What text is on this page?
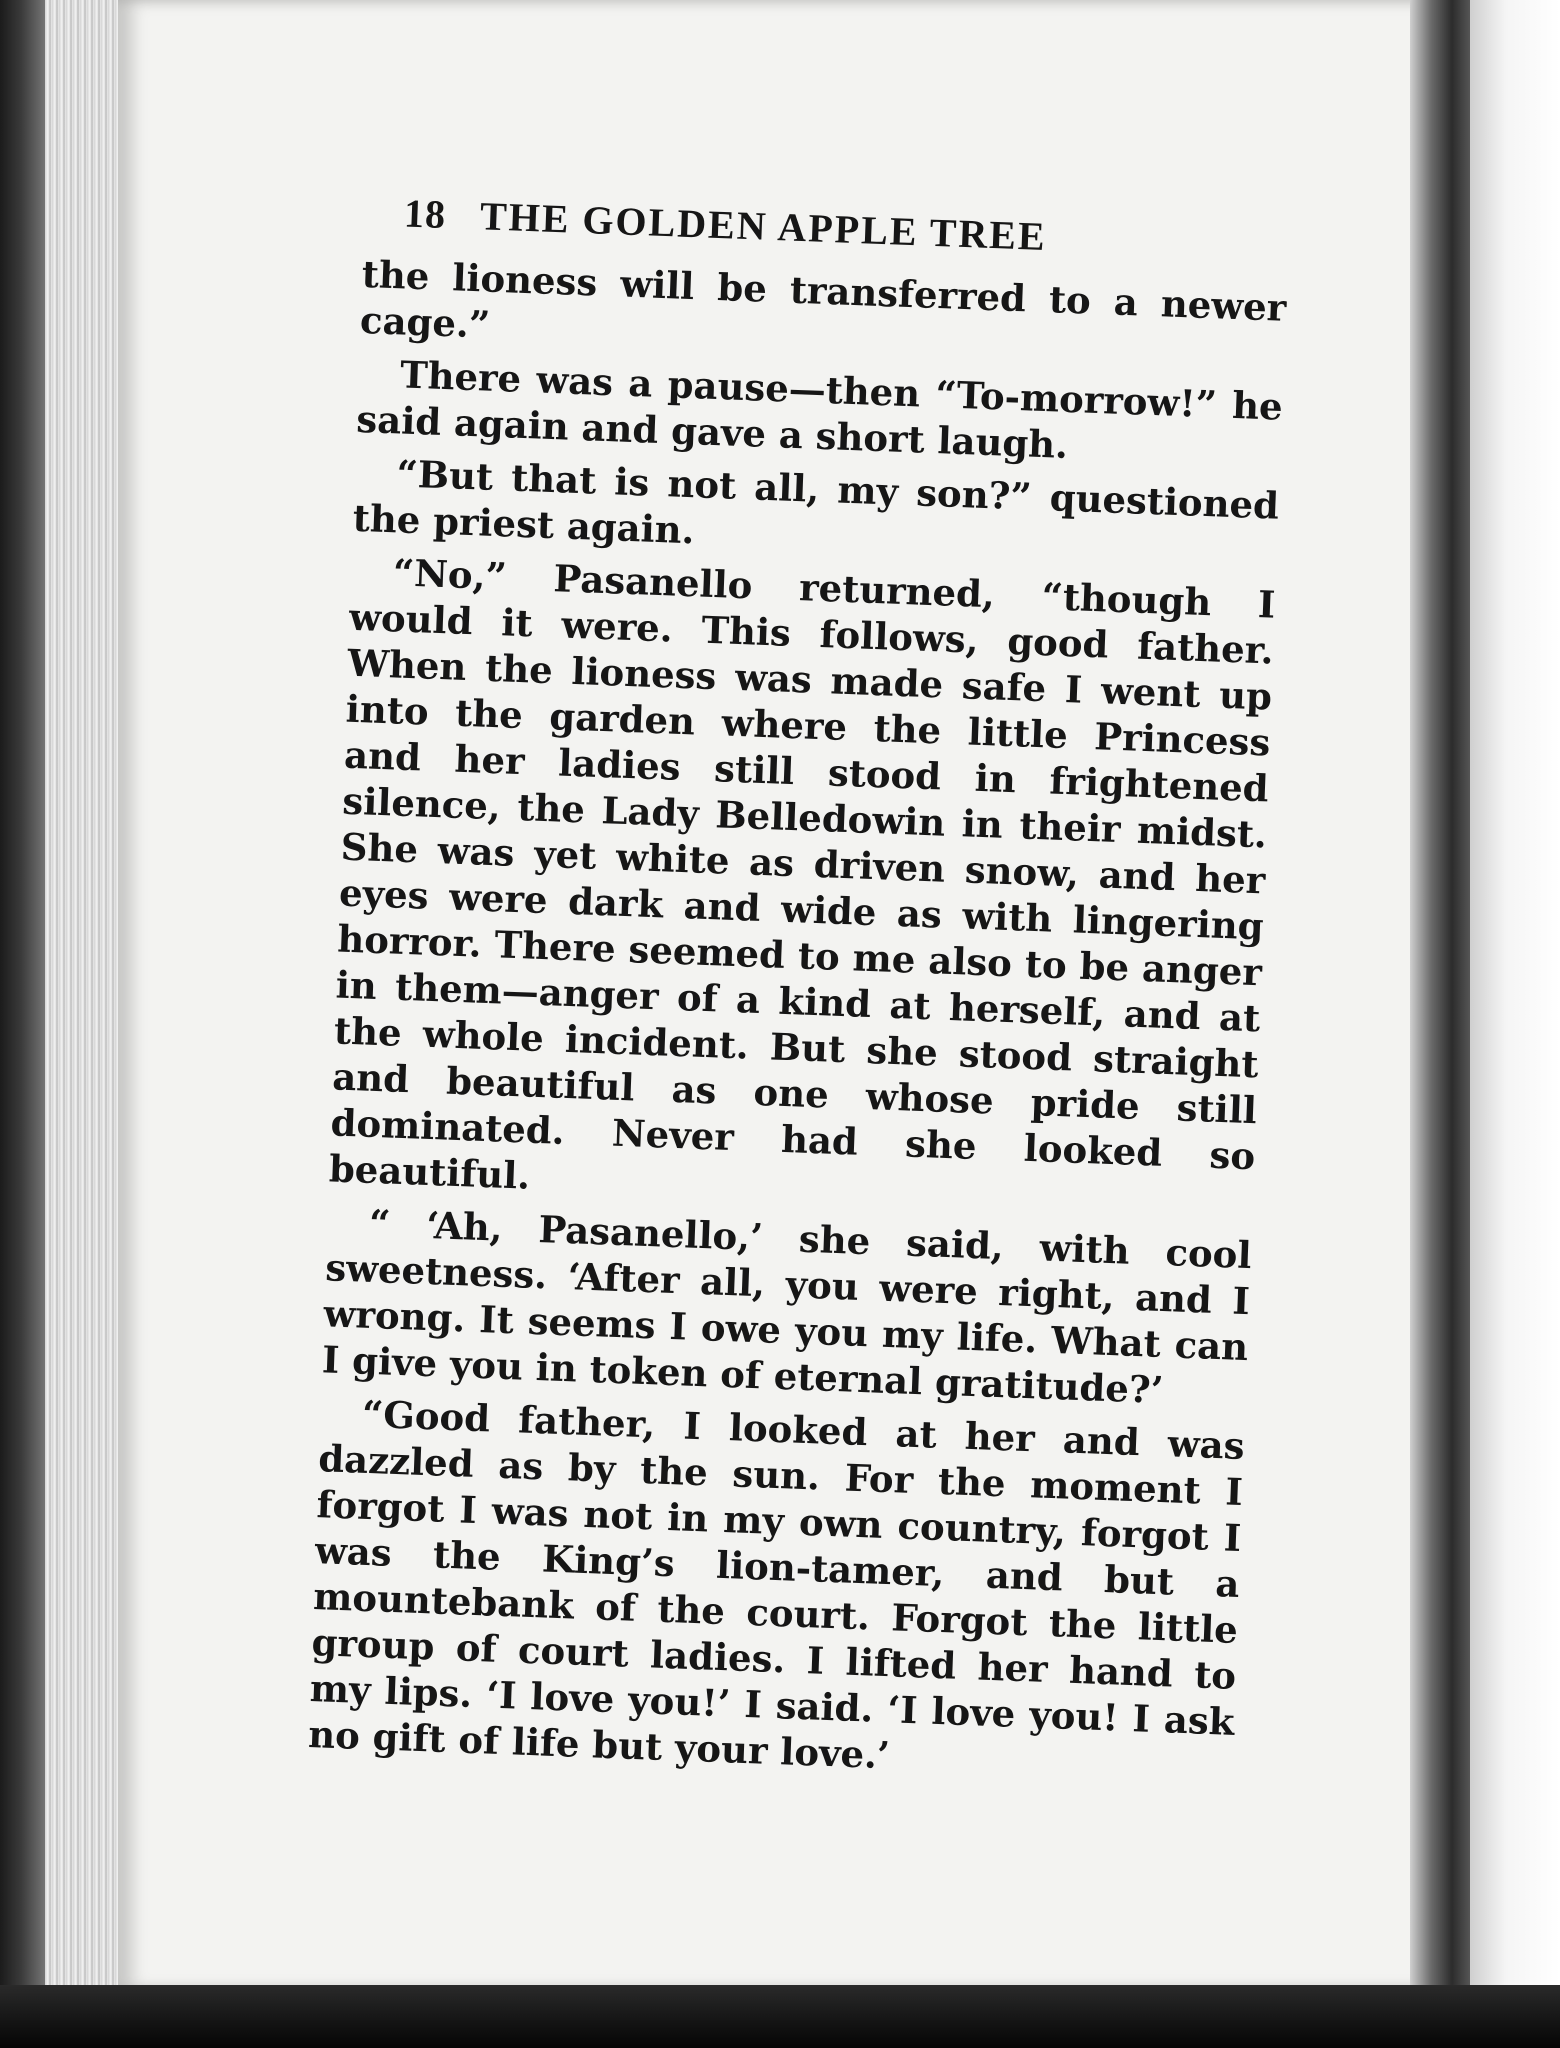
18 THE GOLDEN APPLE TREE

the lioness will be transferred to a newer cage.”

There was a pause—then “To-morrow!” he said again and gave a short laugh.

“But that is not all, my son?” questioned the priest again.

“No,” Pasanello returned, “though I would it were. This follows, good father. When the lioness was made safe I went up into the garden where the little Princess and her ladies still stood in frightened silence, the Lady Belledowin in their midst. She was yet white as driven snow, and her eyes were dark and wide as with lingering horror. There seemed to me also to be anger in them—anger of a kind at herself, and at the whole incident. But she stood straight and beautiful as one whose pride still dominated. Never had she looked so beautiful.

“ ‘Ah, Pasanello,’ she said, with cool sweetness. ‘After all, you were right, and I wrong. It seems I owe you my life. What can I give you in token of eternal gratitude?’

“Good father, I looked at her and was dazzled as by the sun. For the moment I forgot I was not in my own country, forgot I was the King’s lion-tamer, and but a mountebank of the court. Forgot the little group of court ladies. I lifted her hand to my lips. ‘I love you!’ I said. ‘I love you! I ask no gift of life but your love.’
